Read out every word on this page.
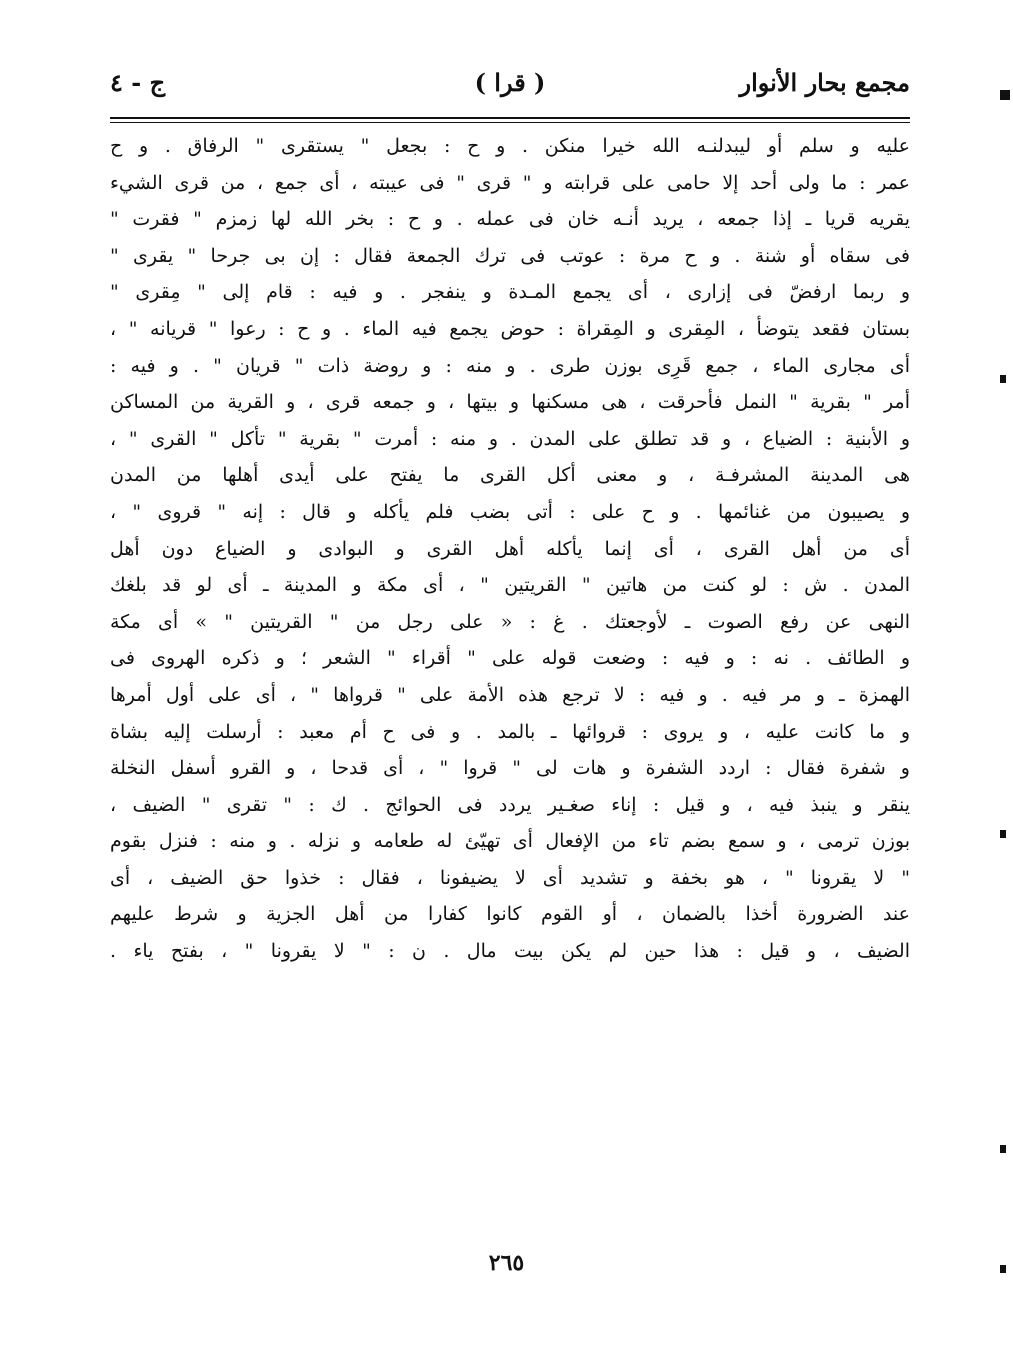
مجمع بحار الأنوار
( قرا )
ج - ٤
عليه و سلم أو ليبدلنـه الله خيرا منكن . و ح : بجعل " يستقرى " الرفاق . و ح
عمر : ما ولى أحد إلا حامى على قرابته و " قرى " فى عيبته ، أى جمع ، من قرى الشيء
يقريه قريا ـ إذا جمعه ، يريد أنـه خان فى عمله . و ح : بخر الله لها زمزم " فقرت "
فى سقاه أو شنة . و ح مرة : عوتب فى ترك الجمعة فقال : إن بى جرحا " يقرى "
و ربما ارفضّ فى إزارى ، أى يجمع المـدة و ينفجر . و فيه : قام إلى " مِقرى "
بستان فقعد يتوضأ ، المِقرى و المِقراة : حوض يجمع فيه الماء . و ح : رعوا " قريانه " ،
أى مجارى الماء ، جمع قَرِى بوزن طرى . و منه : و روضة ذات " قريان " . و فيه :
أمر " بقرية " النمل فأحرقت ، هى مسكنها و بيتها ، و جمعه قرى ، و القرية من المساكن
و الأبنية : الضياع ، و قد تطلق على المدن . و منه : أمرت " بقرية " تأكل " القرى " ،
هى المدينة المشرفـة ، و معنى أكل القرى ما يفتح على أيدى أهلها من المدن
و يصيبون من غنائمها . و ح على : أتى بضب فلم يأكله و قال : إنه " قروى " ،
أى من أهل القرى ، أى إنما يأكله أهل القرى و البوادى و الضياع دون أهل
المدن . ش : لو كنت من هاتين " القريتين " ، أى مكة و المدينة ـ أى لو قد بلغك
النهى عن رفع الصوت ـ لأوجعتك . غ : « على رجل من " القريتين " » أى مكة
و الطائف . نه : و فيه : وضعت قوله على " أقراء " الشعر ؛ و ذكره الهروى فى
الهمزة ـ و مر فيه . و فيه : لا ترجع هذه الأمة على " قرواها " ، أى على أول أمرها
و ما كانت عليه ، و يروى : قروائها ـ بالمد . و فى ح أم معبد : أرسلت إليه بشاة
و شفرة فقال : اردد الشفرة و هات لى " قروا " ، أى قدحا ، و القرو أسفل النخلة
ينقر و ينبذ فيه ، و قيل : إناء صغـير يردد فى الحوائج . ك : " تقرى " الضيف ،
بوزن ترمى ، و سمع بضم تاء من الإفعال أى تهيّئ له طعامه و نزله . و منه : فنزل بقوم
" لا يقرونا " ، هو بخفة و تشديد أى لا يضيفونا ، فقال : خذوا حق الضيف ، أى
عند الضرورة أخذا بالضمان ، أو القوم كانوا كفارا من أهل الجزية و شرط عليهم
الضيف ، و قيل : هذا حين لم يكن بيت مال . ن : " لا يقرونا " ، بفتح ياء .
٢٦٥
